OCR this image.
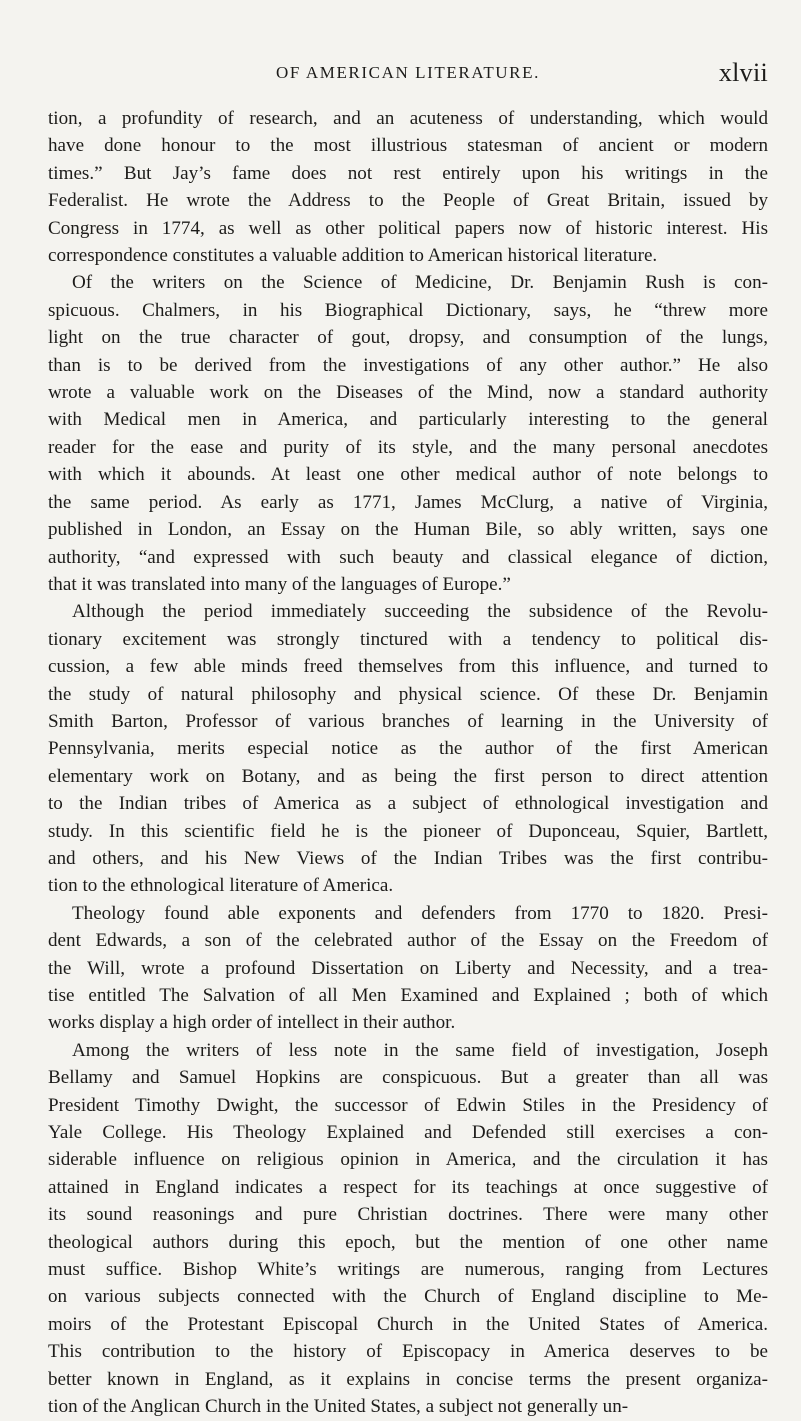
OF AMERICAN LITERATURE.	xlvii
tion, a profundity of research, and an acuteness of understanding, which would
have done honour to the most illustrious statesman of ancient or modern
times.” But Jay’s fame does not rest entirely upon his writings in the
Federalist. He wrote the Address to the People of Great Britain, issued by
Congress in 1774, as well as other political papers now of historic interest. His
correspondence constitutes a valuable addition to American historical literature.
Of the writers on the Science of Medicine, Dr. Benjamin Rush is con-
spicuous. Chalmers, in his Biographical Dictionary, says, he “threw more
light on the true character of gout, dropsy, and consumption of the lungs,
than is to be derived from the investigations of any other author.” He also
wrote a valuable work on the Diseases of the Mind, now a standard authority
with Medical men in America, and particularly interesting to the general
reader for the ease and purity of its style, and the many personal anecdotes
with which it abounds. At least one other medical author of note belongs to
the same period. As early as 1771, James McClurg, a native of Virginia,
published in London, an Essay on the Human Bile, so ably written, says one
authority, “and expressed with such beauty and classical elegance of diction,
that it was translated into many of the languages of Europe.”
Although the period immediately succeeding the subsidence of the Revolu-
tionary excitement was strongly tinctured with a tendency to political dis-
cussion, a few able minds freed themselves from this influence, and turned to
the study of natural philosophy and physical science. Of these Dr. Benjamin
Smith Barton, Professor of various branches of learning in the University of
Pennsylvania, merits especial notice as the author of the first American
elementary work on Botany, and as being the first person to direct attention
to the Indian tribes of America as a subject of ethnological investigation and
study. In this scientific field he is the pioneer of Duponceau, Squier, Bartlett,
and others, and his New Views of the Indian Tribes was the first contribu-
tion to the ethnological literature of America.
Theology found able exponents and defenders from 1770 to 1820. Presi-
dent Edwards, a son of the celebrated author of the Essay on the Freedom of
the Will, wrote a profound Dissertation on Liberty and Necessity, and a trea-
tise entitled The Salvation of all Men Examined and Explained ; both of which
works display a high order of intellect in their author.
Among the writers of less note in the same field of investigation, Joseph
Bellamy and Samuel Hopkins are conspicuous. But a greater than all was
President Timothy Dwight, the successor of Edwin Stiles in the Presidency of
Yale College. His Theology Explained and Defended still exercises a con-
siderable influence on religious opinion in America, and the circulation it has
attained in England indicates a respect for its teachings at once suggestive of
its sound reasonings and pure Christian doctrines. There were many other
theological authors during this epoch, but the mention of one other name
must suffice. Bishop White’s writings are numerous, ranging from Lectures
on various subjects connected with the Church of England discipline to Me-
moirs of the Protestant Episcopal Church in the United States of America.
This contribution to the history of Episcopacy in America deserves to be
better known in England, as it explains in concise terms the present organiza-
tion of the Anglican Church in the United States, a subject not generally un-
